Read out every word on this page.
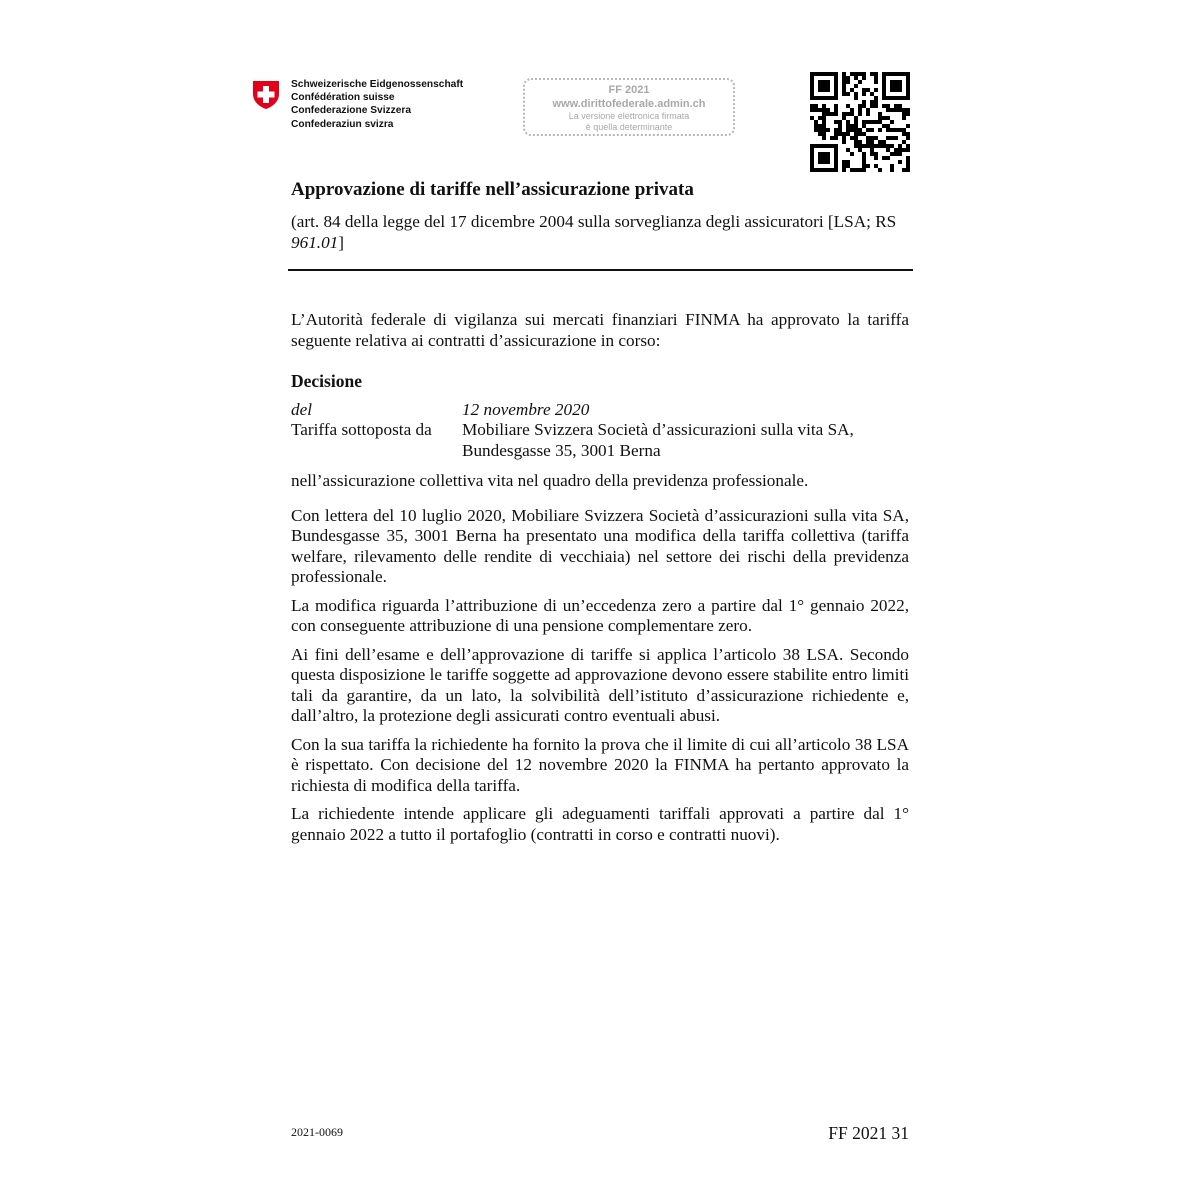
Schweizerische Eidgenossenschaft
Confédération suisse
Confederazione Svizzera
Confederaziun svizra
FF 2021
www.dirittofederale.admin.ch
La versione elettronica firmata
è quella determinante
Approvazione di tariffe nell’assicurazione privata
(art. 84 della legge del 17 dicembre 2004 sulla sorveglianza degli assicuratori [LSA; RS 961.01]

L’Autorità federale di vigilanza sui mercati finanziari FINMA ha approvato la tariffa seguente relativa ai contratti d’assicurazione in corso:

Decisione
del	12 novembre 2020
Tariffa sottoposta da	Mobiliare Svizzera Società d’assicurazioni sulla vita SA,
Bundesgasse 35, 3001 Berna

nell’assicurazione collettiva vita nel quadro della previdenza professionale.

Con lettera del 10 luglio 2020, Mobiliare Svizzera Società d’assicurazioni sulla vita SA, Bundesgasse 35, 3001 Berna ha presentato una modifica della tariffa collettiva (tariffa welfare, rilevamento delle rendite di vecchiaia) nel settore dei rischi della previdenza professionale.

La modifica riguarda l’attribuzione di un’eccedenza zero a partire dal 1° gennaio 2022, con conseguente attribuzione di una pensione complementare zero.

Ai fini dell’esame e dell’approvazione di tariffe si applica l’articolo 38 LSA. Secondo questa disposizione le tariffe soggette ad approvazione devono essere stabilite entro limiti tali da garantire, da un lato, la solvibilità dell’istituto d’assicurazione richiedente e, dall’altro, la protezione degli assicurati contro eventuali abusi.

Con la sua tariffa la richiedente ha fornito la prova che il limite di cui all’articolo 38 LSA è rispettato. Con decisione del 12 novembre 2020 la FINMA ha pertanto approvato la richiesta di modifica della tariffa.

La richiedente intende applicare gli adeguamenti tariffali approvati a partire dal 1° gennaio 2022 a tutto il portafoglio (contratti in corso e contratti nuovi).

2021-0069	FF 2021 31
